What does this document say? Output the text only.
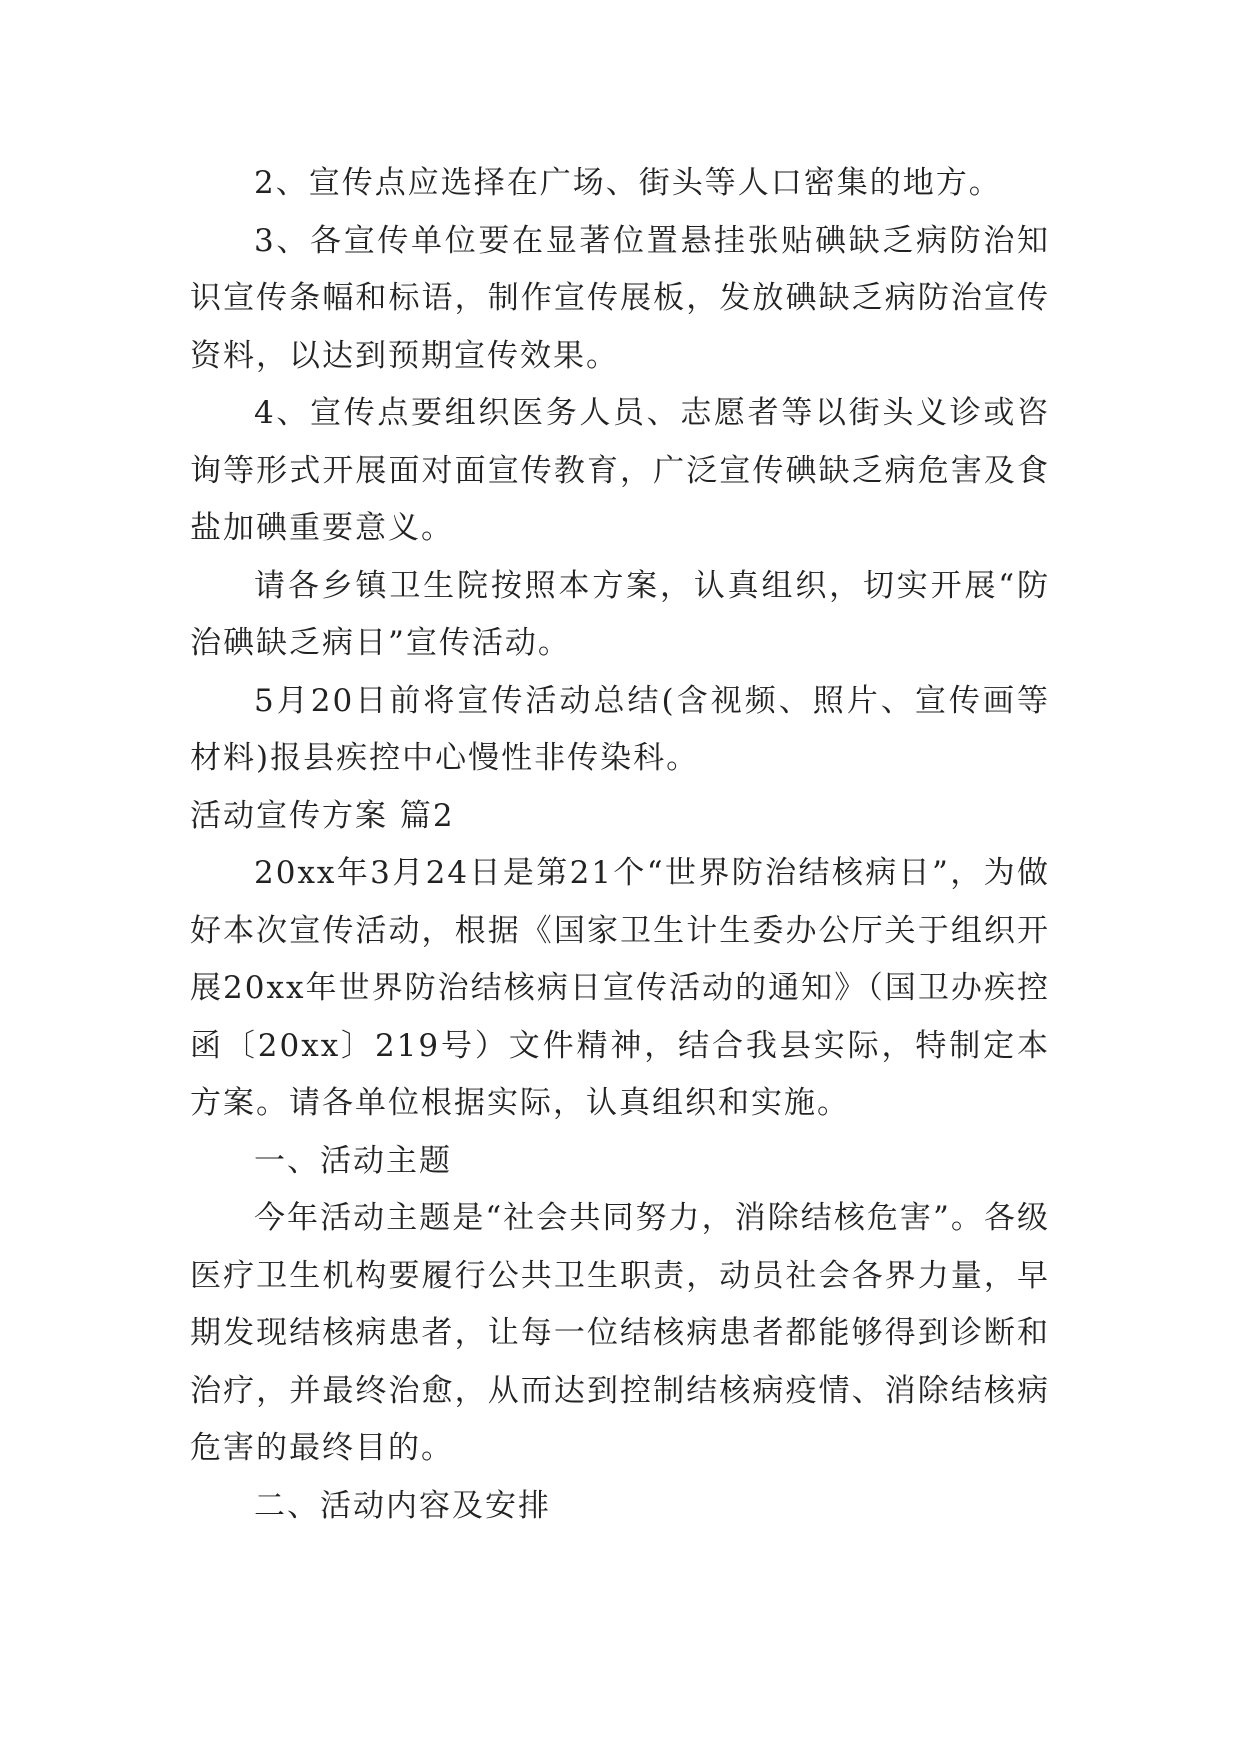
2、宣传点应选择在广场、街头等人口密集的地方。

3、各宣传单位要在显著位置悬挂张贴碘缺乏病防治知识宣传条幅和标语，制作宣传展板，发放碘缺乏病防治宣传资料，以达到预期宣传效果。

4、宣传点要组织医务人员、志愿者等以街头义诊或咨询等形式开展面对面宣传教育，广泛宣传碘缺乏病危害及食盐加碘重要意义。

请各乡镇卫生院按照本方案，认真组织，切实开展“防治碘缺乏病日”宣传活动。

5月20日前将宣传活动总结(含视频、照片、宣传画等材料)报县疾控中心慢性非传染科。

活动宣传方案 篇2

20xx年3月24日是第21个“世界防治结核病日”，为做好本次宣传活动，根据《国家卫生计生委办公厅关于组织开展20xx年世界防治结核病日宣传活动的通知》（国卫办疾控函〔20xx〕219号）文件精神，结合我县实际，特制定本方案。请各单位根据实际，认真组织和实施。

一、活动主题

今年活动主题是“社会共同努力，消除结核危害”。各级医疗卫生机构要履行公共卫生职责，动员社会各界力量，早期发现结核病患者，让每一位结核病患者都能够得到诊断和治疗，并最终治愈，从而达到控制结核病疫情、消除结核病危害的最终目的。

二、活动内容及安排
